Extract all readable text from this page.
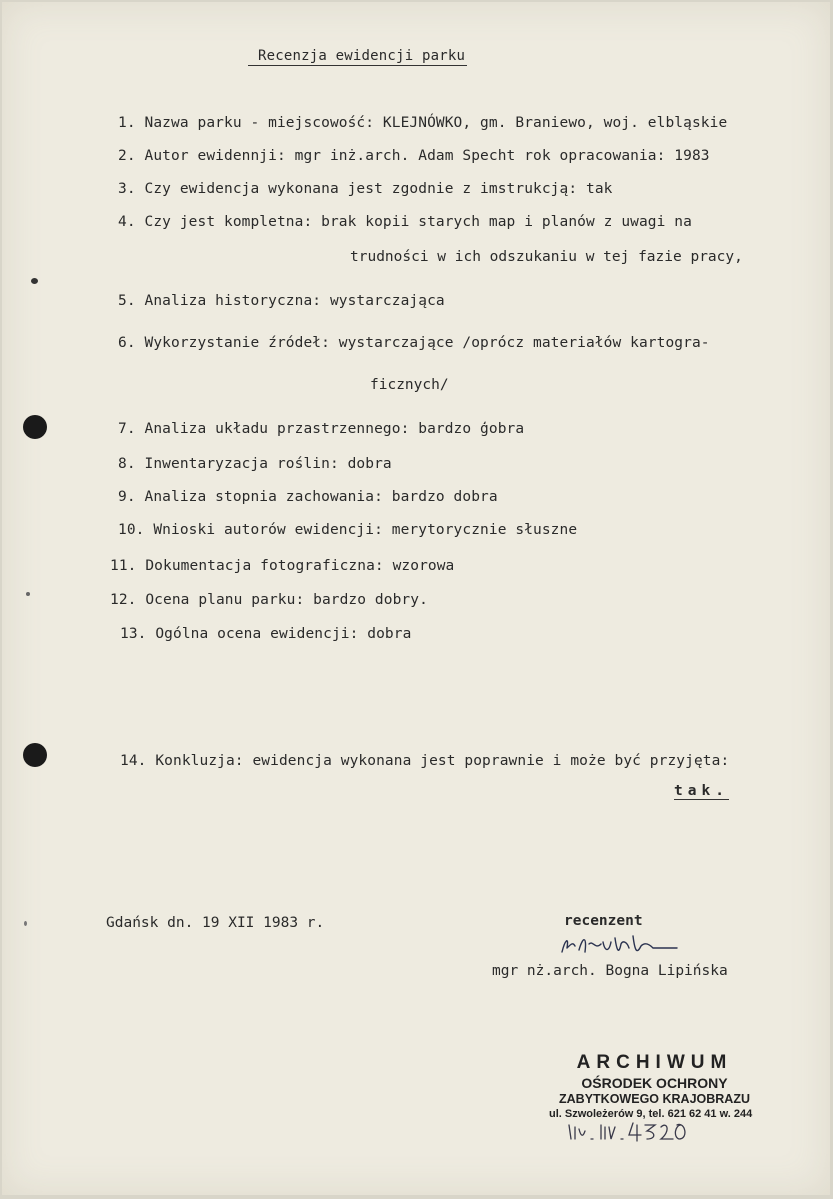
Recenzja ewidencji parku
1. Nazwa parku - miejscowość: KLEJNÓWKO, gm. Braniewo, woj. elbląskie
2. Autor ewidennji: mgr inż.arch. Adam Specht rok opracowania: 1983
3. Czy ewidencja wykonana jest zgodnie z imstrukcją: tak
4. Czy jest kompletna: brak kopii starych map i planów z uwagi na
trudności w ich odszukaniu w tej fazie pracy,
5. Analiza historyczna: wystarczająca
6. Wykorzystanie źródeł: wystarczające /oprócz materiałów kartogra-
ficznych/
7. Analiza układu przastrzennego: bardzo ģobra
8. Inwentaryzacja roślin: dobra
9. Analiza stopnia zachowania: bardzo dobra
10. Wnioski autorów ewidencji: merytorycznie słuszne
11. Dokumentacja fotograficzna: wzorowa
12. Ocena planu parku: bardzo dobry.
13. Ogólna ocena ewidencji: dobra
14. Konkluzja: ewidencja wykonana jest poprawnie i może być przyjęta:
tak.
Gdańsk dn. 19 XII 1983 r.	recenzent
mgr nż.arch. Bogna Lipińska
ARCHIWUM
OŚRODEK OCHRONY
ZABYTKOWEGO KRAJOBRAZU
ul. Szwoleżerów 9, tel. 621 62 41 w. 244
